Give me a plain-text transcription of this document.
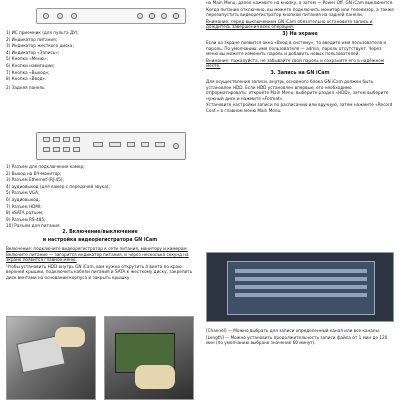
1) ИС приемник (для пульта ДУ);

2) Индикатор питания;

3) Индикатор жесткого диска;

4) Индикатор «Запись»;

5) Кнопка «Меню»;

6) Кнопки навигации;

7) Кнопка «Выход»;

8) Кнопка «Ввод».

2) Задняя панель

1) Разъем для подключения камер;

2) Выход на ВЧ-монитор;

3) Разъем Ethernet (RJ-45);

4) аудиовыход (для камер с передачей звука);

5) Разъем VGA;

6) аудиовыход;

7) Разъем HDMI;

8) eSATA разъем;

9) Разъем RS-485;

10) Разъем для питания.

2. Включение/выключение
и настройка видеорегистратора GN iCam

Включение: подключите видеорегистратор к сети питания, монитору и камерам. Включите питание — загорится индикатор питания, и через несколько секунд на экране появится главное меню.

Чтобы установить HDD внутрь GN iCam, вам нужно открутить 4 винта по краю верхней крышки, подключить кабели питания и SATA к жесткому диску, закрепить диск винтами на основании корпуса и закрыть крышку.

на Main Menu, далее нажмите на кнопку, а затем — Power Off. GN iCam выключится.

Когда питание отключено, вы можете подключить монитор или телевизор, а также перезапустить видеорегистратор кнопкой питания на задней панели.

Внимание: перед выключением GN iCam обязательно остановите запись и дождитесь завершения всех операций.

3) На экране

Если на экране появится окно «Вход в систему», то введите имя пользователя и пароль. По умолчанию: имя пользователя — admin, пароль отсутствует. Через меню вы можете изменить пароль и добавить новых пользователей.

Внимание: пожалуйста, не забывайте свой пароль и сохраните его в надёжном месте.

3. Запись на GN iCam

Для осуществления записи, внутрь основного блока GN iCam должен быть установлен HDD. Если HDD установлен впервые, его необходимо отформатировать: откройте Main Menu, выберите раздел «HDD», затем выберите нужный диск и нажмите «Format».

Установите настройки записи по расписанию или вручную, затем нажмите «Record Conf.» в главном меню Main Menu.

[Channel] — Можно выбрать для записи определенный канал или все каналы.

[Length] — Можно установить продолжительность записи файла от 1 мин до 120 мин (по умолчанию выбрано значение 60 минут).
